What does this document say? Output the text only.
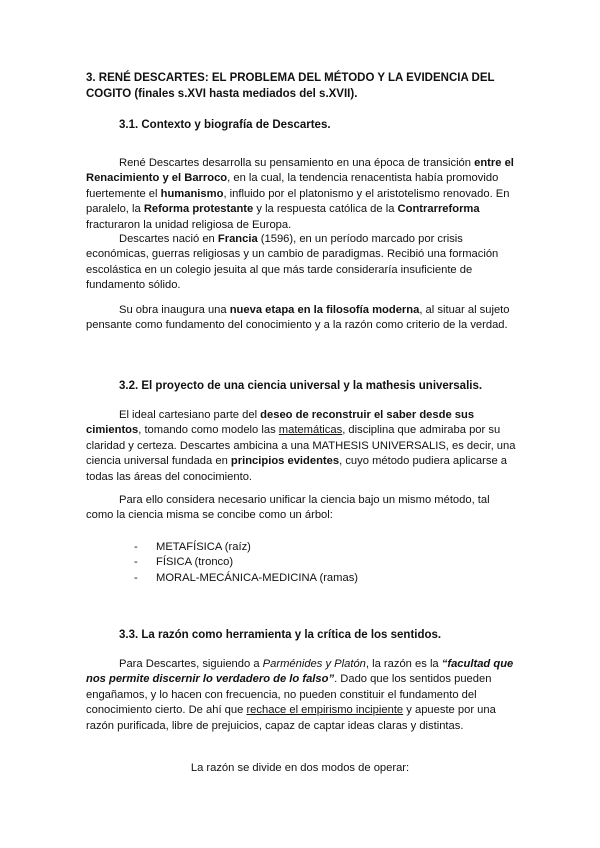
3. RENÉ DESCARTES: EL PROBLEMA DEL MÉTODO Y LA EVIDENCIA DEL COGITO (finales s.XVI hasta mediados del s.XVII).
3.1. Contexto y biografía de Descartes.
René Descartes desarrolla su pensamiento en una época de transición entre el Renacimiento y el Barroco, en la cual, la tendencia renacentista había promovido fuertemente el humanismo, influido por el platonismo y el aristotelismo renovado. En paralelo, la Reforma protestante y la respuesta católica de la Contrarreforma fracturaron la unidad religiosa de Europa.
Descartes nació en Francia (1596), en un período marcado por crisis económicas, guerras religiosas y un cambio de paradigmas. Recibió una formación escolástica en un colegio jesuita al que más tarde consideraría insuficiente de fundamento sólido.
Su obra inaugura una nueva etapa en la filosofía moderna, al situar al sujeto pensante como fundamento del conocimiento y a la razón como criterio de la verdad.
3.2. El proyecto de una ciencia universal y la mathesis universalis.
El ideal cartesiano parte del deseo de reconstruir el saber desde sus cimientos, tomando como modelo las matemáticas, disciplina que admiraba por su claridad y certeza. Descartes ambicina a una MATHESIS UNIVERSALIS, es decir, una ciencia universal fundada en principios evidentes, cuyo método pudiera aplicarse a todas las áreas del conocimiento.
Para ello considera necesario unificar la ciencia bajo un mismo método, tal como la ciencia misma se concibe como un árbol:
- METAFÍSICA (raíz)
- FÍSICA (tronco)
- MORAL-MECÁNICA-MEDICINA (ramas)
3.3. La razón como herramienta y la crítica de los sentidos.
Para Descartes, siguiendo a Parménides y Platón, la razón es la “facultad que nos permite discernir lo verdadero de lo falso”. Dado que los sentidos pueden engañamos, y lo hacen con frecuencia, no pueden constituir el fundamento del conocimiento cierto. De ahí que rechace el empirismo incipiente y apueste por una razón purificada, libre de prejuicios, capaz de captar ideas claras y distintas.
La razón se divide en dos modos de operar:
